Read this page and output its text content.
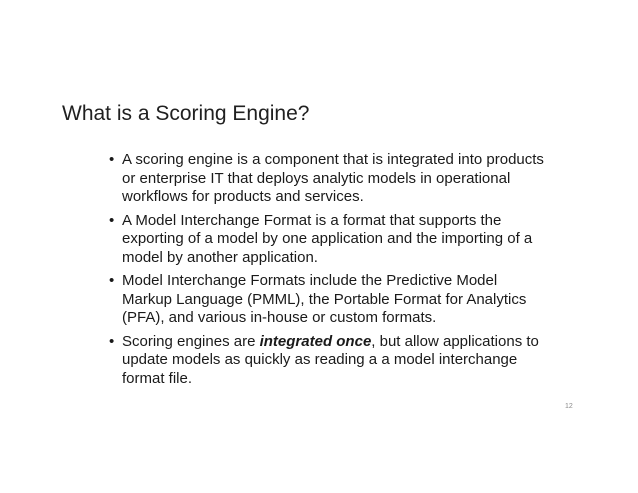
What is a Scoring Engine?
• A scoring engine is a component that is integrated into products or enterprise IT that deploys analytic models in operational workflows for products and services.
• A Model Interchange Format is a format that supports the exporting of a model by one application and the importing of a model by another application.
• Model Interchange Formats include the Predictive Model Markup Language (PMML), the Portable Format for Analytics (PFA), and various in-house or custom formats.
• Scoring engines are integrated once, but allow applications to update models as quickly as reading a a model interchange format file.
12
